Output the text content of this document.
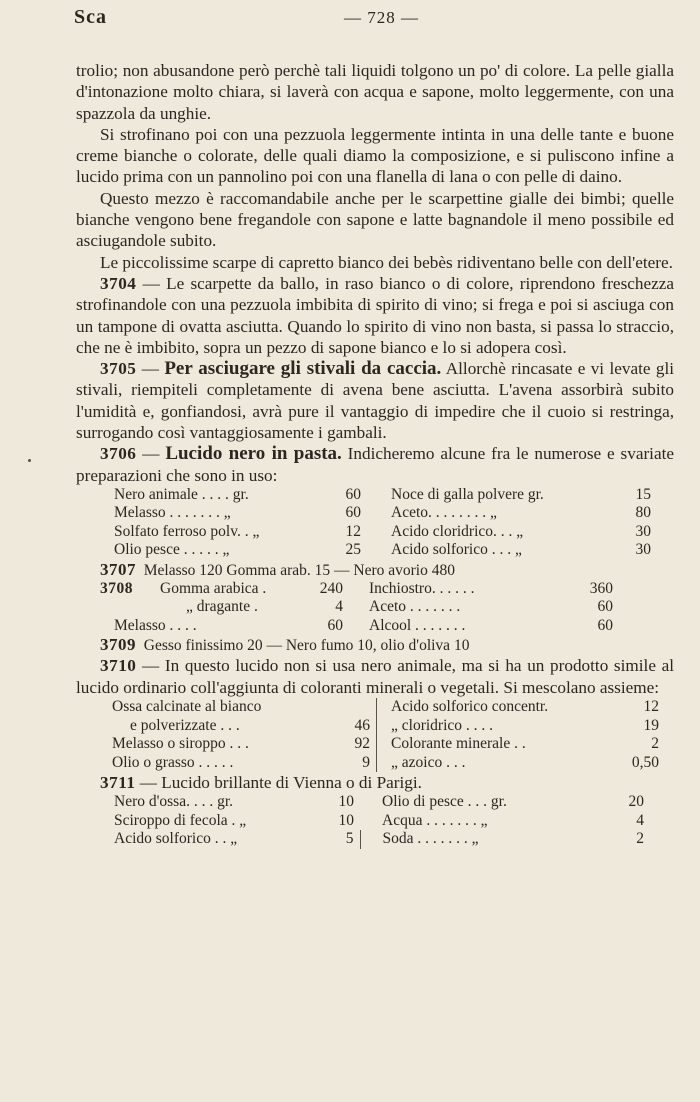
Sca	— 728 —

trolio; non abusandone però perchè tali liquidi tolgono un po' di colore. La pelle gialla d'intonazione molto chiara, si laverà con acqua e sapone, molto leggermente, con una spazzola da unghie.

Si strofinano poi con una pezzuola leggermente intinta in una delle tante e buone creme bianche o colorate, delle quali diamo la composizione, e si puliscono infine a lucido prima con un pannolino poi con una flanella di lana o con pelle di daino.

Questo mezzo è raccomandabile anche per le scarpettine gialle dei bimbi; quelle bianche vengono bene fregandole con sapone e latte bagnandole il meno possibile ed asciugandole subito.

Le piccolissime scarpe di capretto bianco dei bebès ridiventano belle con dell'etere.

3704 — Le scarpette da ballo, in raso bianco o di colore, riprendono freschezza strofinandole con una pezzuola imbibita di spirito di vino; si frega e poi si asciuga con un tampone di ovatta asciutta. Quando lo spirito di vino non basta, si passa lo straccio, che ne è imbibito, sopra un pezzo di sapone bianco e lo si adopera così.

3705 — Per asciugare gli stivali da caccia. Allorchè rincasate e vi levate gli stivali, riempiteli completamente di avena bene asciutta. L'avena assorbirà subito l'umidità e, gonfiandosi, avrà pure il vantaggio di impedire che il cuoio si restringa, surrogando così vantaggiosamente i gambali.

3706 — Lucido nero in pasta. Indicheremo alcune fra le numerose e svariate preparazioni che sono in uso:

Nero animale . . . . gr.	60	Noce di galla polvere gr.	15
Melasso . . . . . . . „	60	Aceto. . . . . . . . „	80
Solfato ferroso polv. . „	12	Acido cloridrico. . . „	30
Olio pesce . . . . . „	25	Acido solforico . . . „	30
3707 Melasso 120 Gomma arab. 15 — Nero avorio 480
3708	Gomma arabica .	240	Inchiostro. . . . . .	360
	„ dragante .	4	Aceto . . . . . . .	60
Melasso . . . .		60	Alcool . . . . . . .	60
3709 Gesso finissimo 20 — Nero fumo 10, olio d'oliva 10

3710 — In questo lucido non si usa nero animale, ma si ha un prodotto simile al lucido ordinario coll'aggiunta di coloranti minerali o vegetali. Si mescolano assieme:

Ossa calcinate al bianco		Acido solforico concentr.	12
e polverizzate . . .	46	„ cloridrico . . . .	19
Melasso o siroppo . . .	92	Colorante minerale . .	2
Olio o grasso . . . . .	9	„ azoico . . .	0,50

3711 — Lucido brillante di Vienna o di Parigi.

Nero d'ossa. . . . gr.	10	Olio di pesce . . . gr.	20
Sciroppo di fecola . „	10	Acqua . . . . . . . „	4
Acido solforico . . „	5	Soda . . . . . . . „	2
